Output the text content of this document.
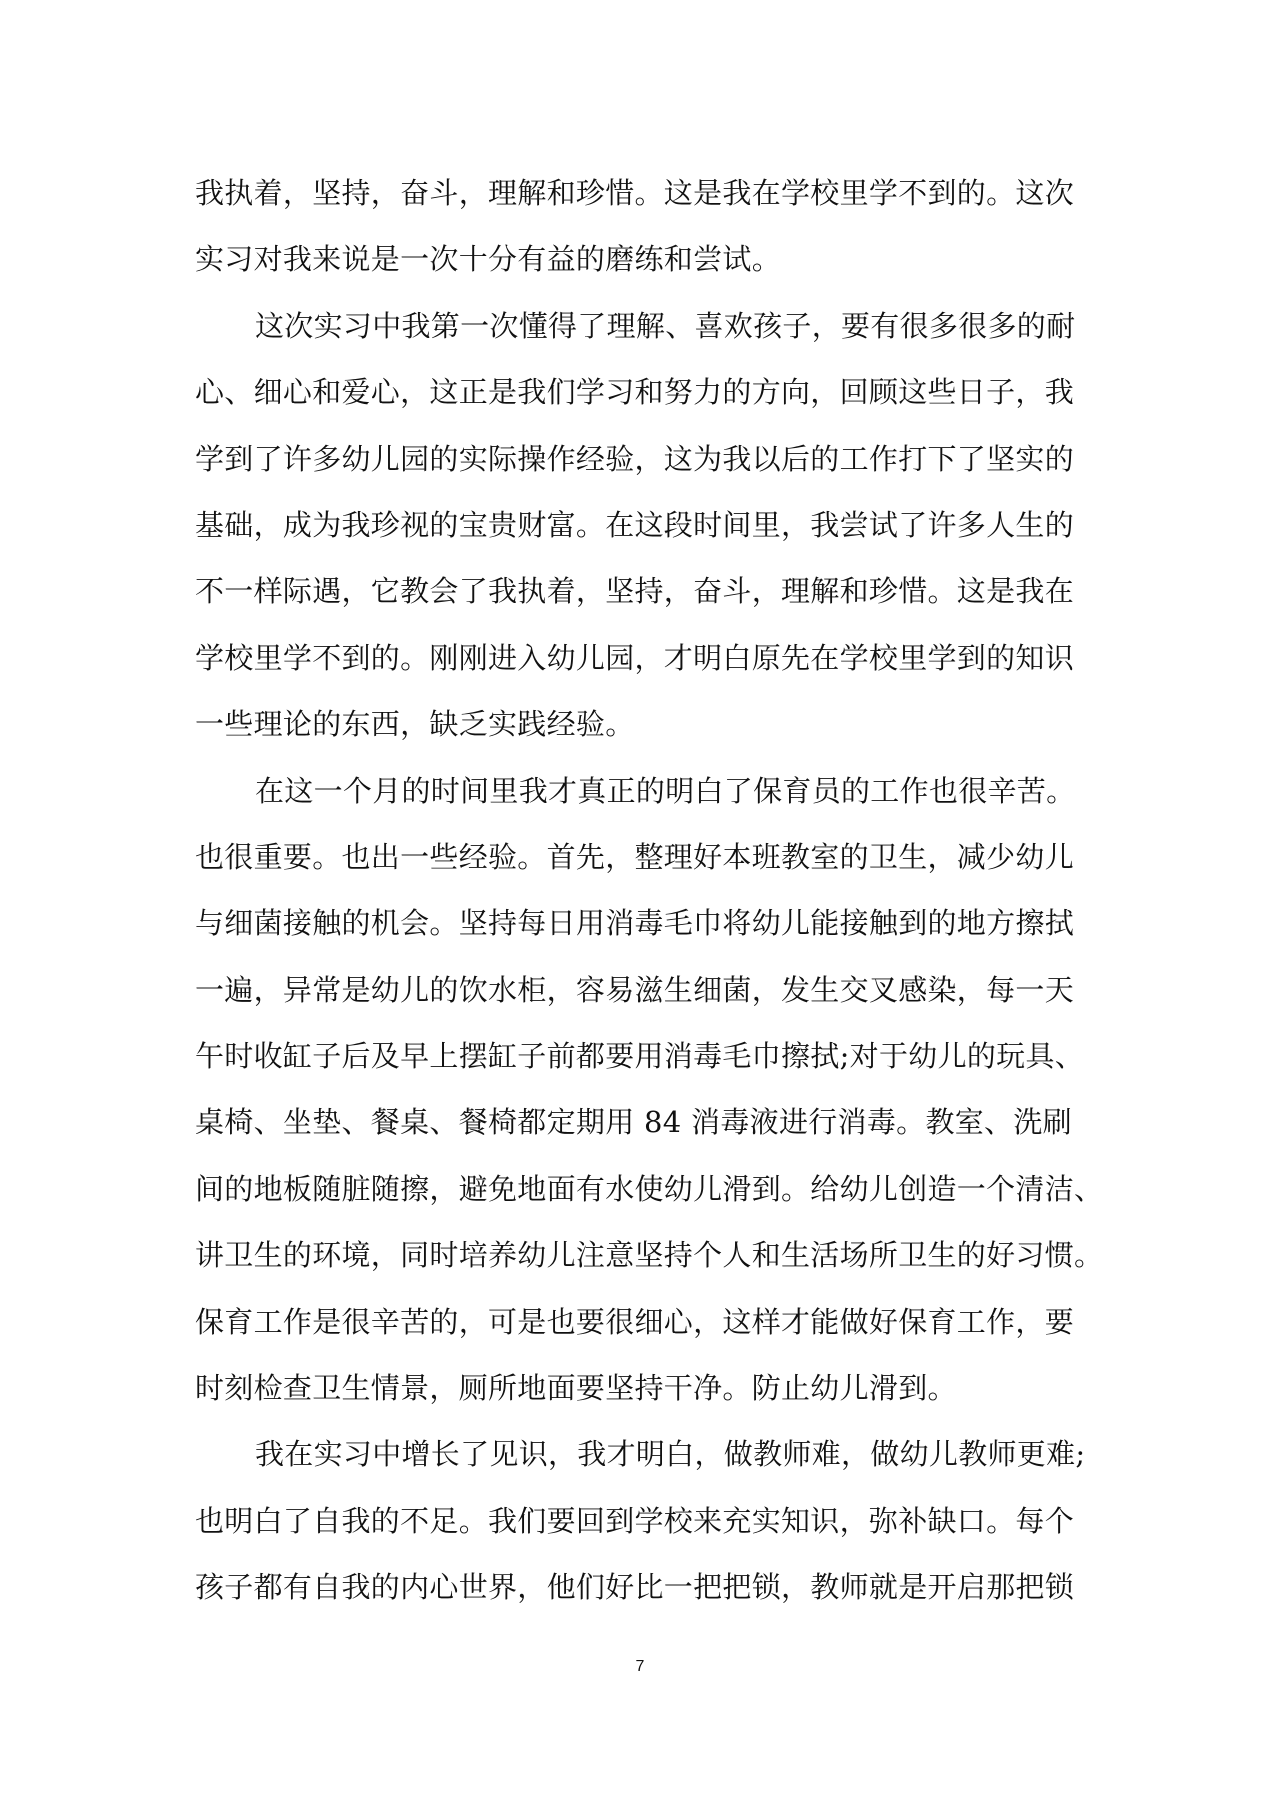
我执着，坚持，奋斗，理解和珍惜。这是我在学校里学不到的。这次
实习对我来说是一次十分有益的磨练和尝试。
这次实习中我第一次懂得了理解、喜欢孩子，要有很多很多的耐
心、细心和爱心，这正是我们学习和努力的方向，回顾这些日子，我
学到了许多幼儿园的实际操作经验，这为我以后的工作打下了坚实的
基础，成为我珍视的宝贵财富。在这段时间里，我尝试了许多人生的
不一样际遇，它教会了我执着，坚持，奋斗，理解和珍惜。这是我在
学校里学不到的。刚刚进入幼儿园，才明白原先在学校里学到的知识
一些理论的东西，缺乏实践经验。
在这一个月的时间里我才真正的明白了保育员的工作也很辛苦。
也很重要。也出一些经验。首先，整理好本班教室的卫生，减少幼儿
与细菌接触的机会。坚持每日用消毒毛巾将幼儿能接触到的地方擦拭
一遍，异常是幼儿的饮水柜，容易滋生细菌，发生交叉感染，每一天
午时收缸子后及早上摆缸子前都要用消毒毛巾擦拭;对于幼儿的玩具、
桌椅、坐垫、餐桌、餐椅都定期用 84 消毒液进行消毒。教室、洗刷
间的地板随脏随擦，避免地面有水使幼儿滑到。给幼儿创造一个清洁、
讲卫生的环境，同时培养幼儿注意坚持个人和生活场所卫生的好习惯。
保育工作是很辛苦的，可是也要很细心，这样才能做好保育工作，要
时刻检查卫生情景，厕所地面要坚持干净。防止幼儿滑到。
我在实习中增长了见识，我才明白，做教师难，做幼儿教师更难;
也明白了自我的不足。我们要回到学校来充实知识，弥补缺口。每个
孩子都有自我的内心世界，他们好比一把把锁，教师就是开启那把锁
7
